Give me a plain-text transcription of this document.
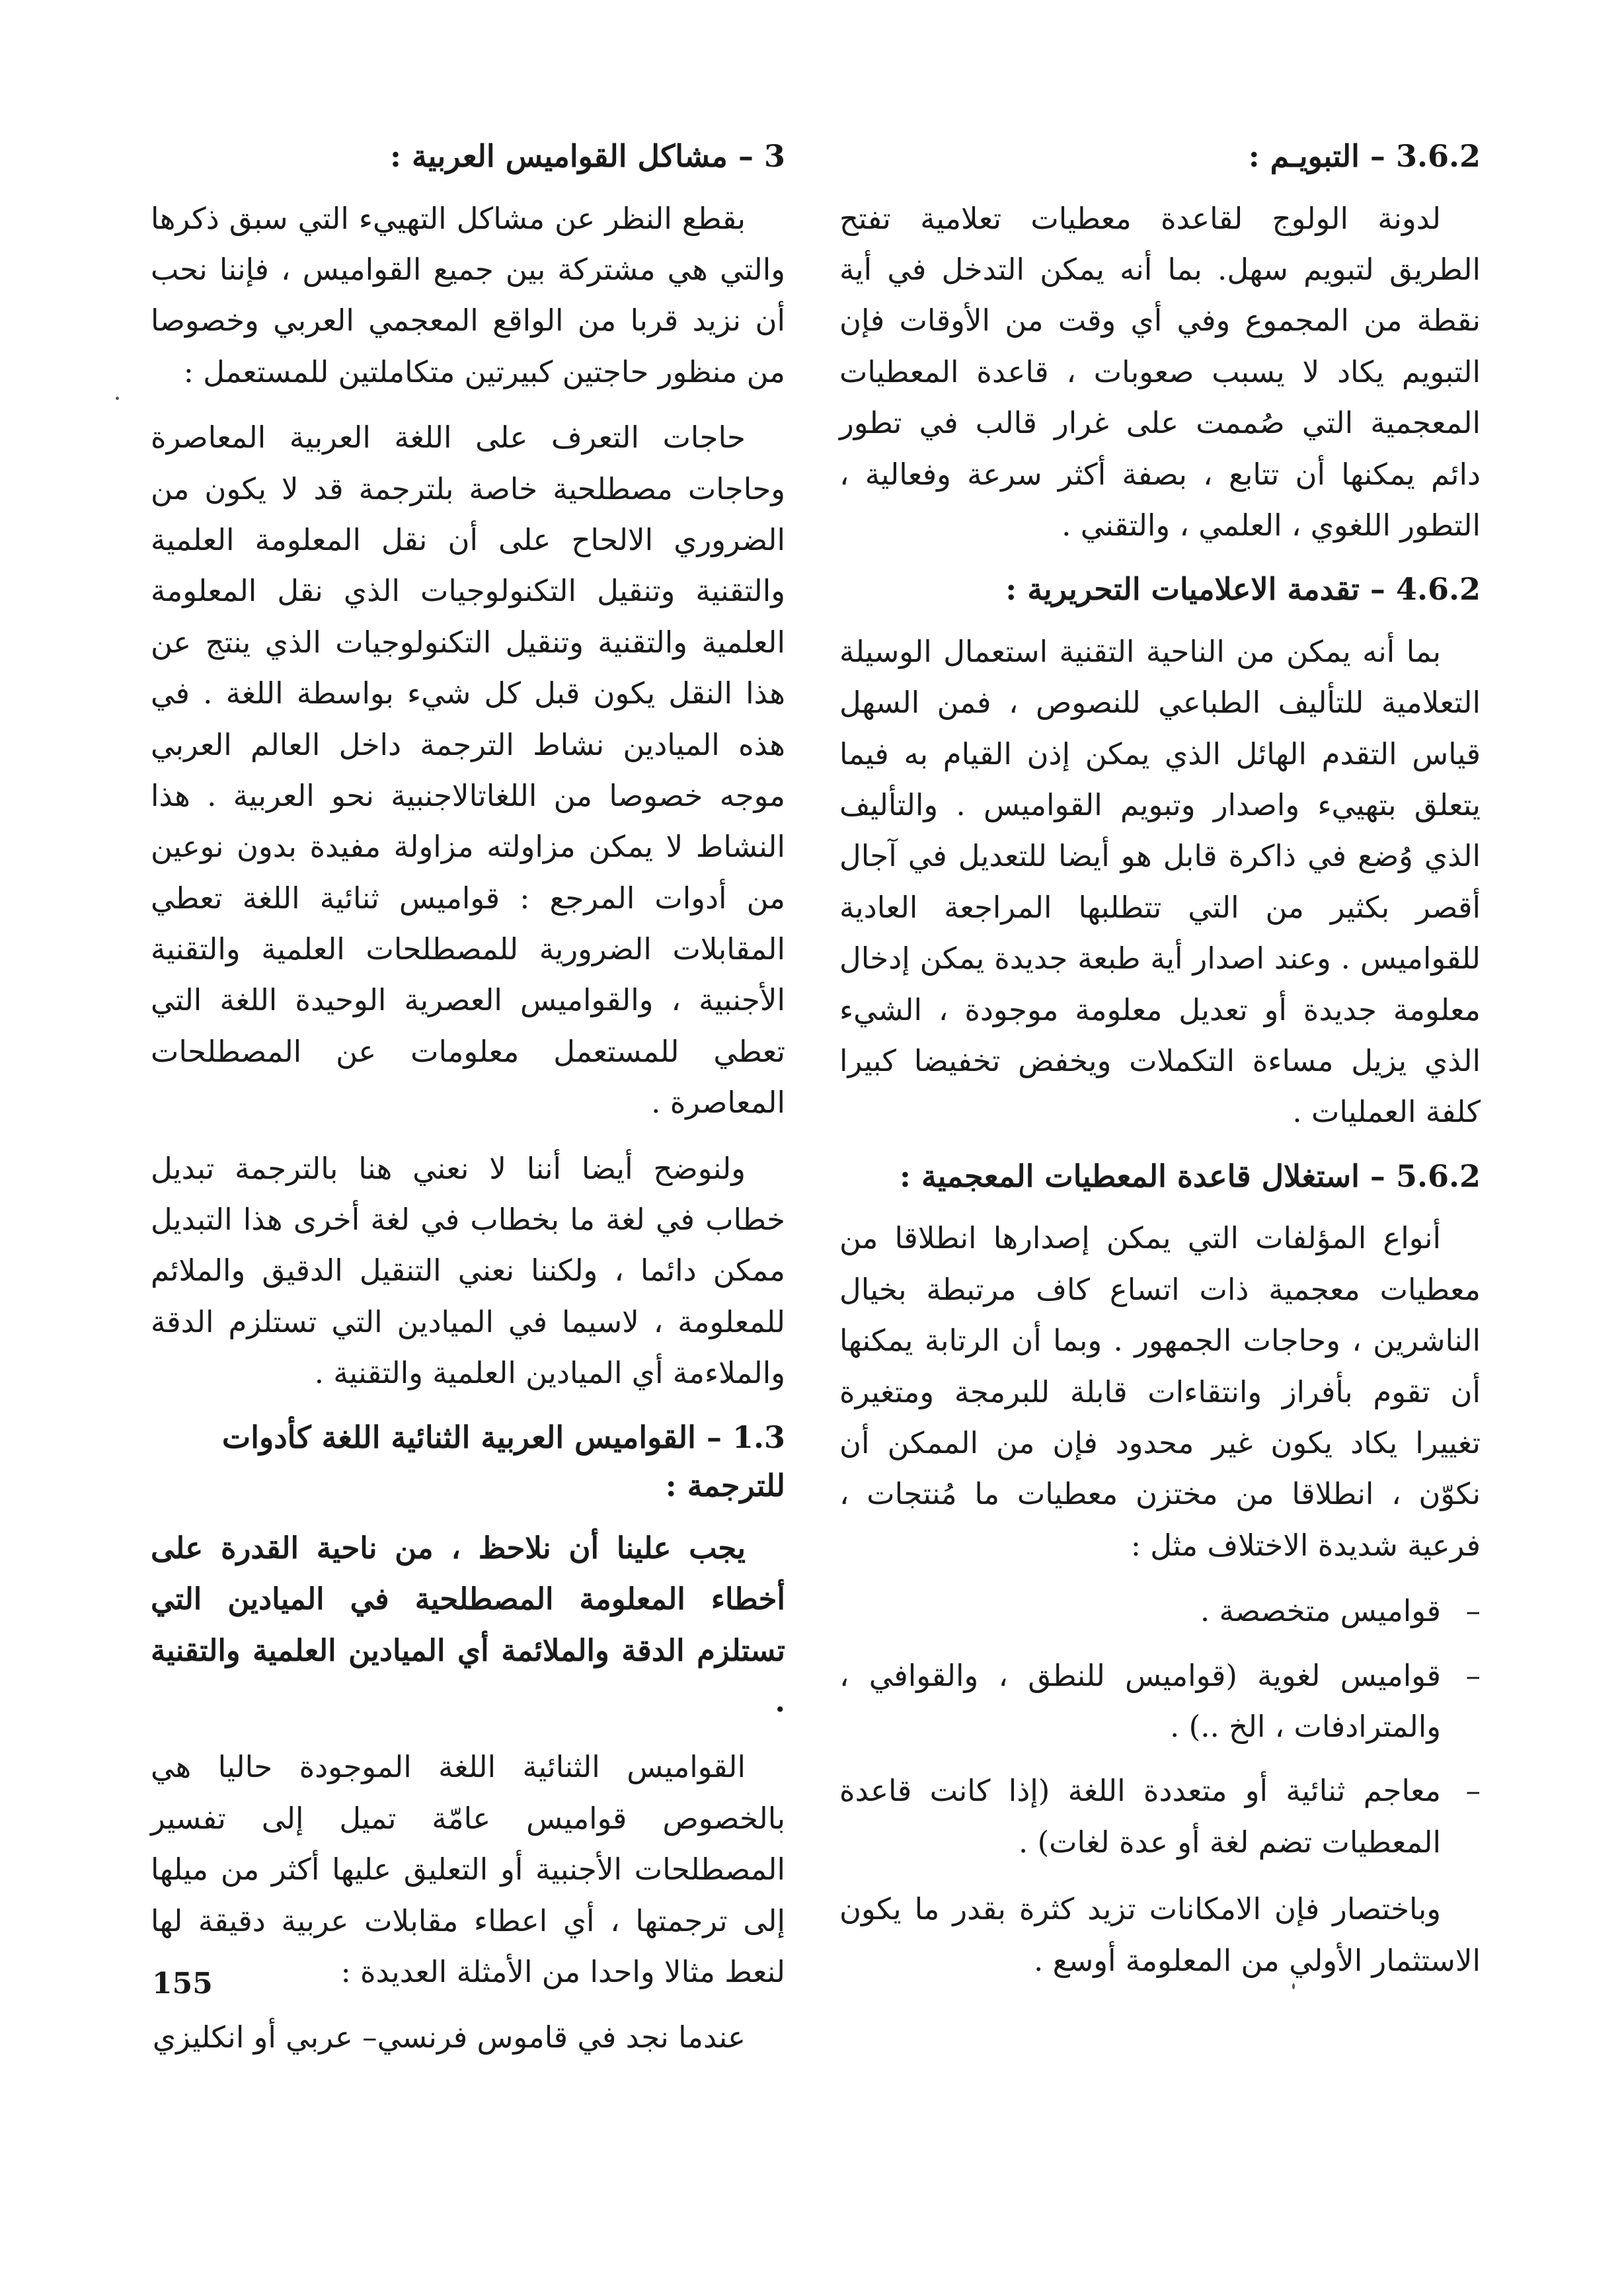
3.6.2 – التبويـم :

لدونة الولوج لقاعدة معطيات تعلامية تفتح الطريق لتبويم سهل. بما أنه يمكن التدخل في أية نقطة من المجموع وفي أي وقت من الأوقات فإن التبويم يكاد لا يسبب صعوبات ، قاعدة المعطيات المعجمية التي صُممت على غرار قالب في تطور دائم يمكنها أن تتابع ، بصفة أكثر سرعة وفعالية ، التطور اللغوي ، العلمي ، والتقني .

4.6.2 – تقدمة الاعلاميات التحريرية :

بما أنه يمكن من الناحية التقنية استعمال الوسيلة التعلامية للتأليف الطباعي للنصوص ، فمن السهل قياس التقدم الهائل الذي يمكن إذن القيام به فيما يتعلق بتهييء واصدار وتبويم القواميس . والتأليف الذي وُضع في ذاكرة قابل هو أيضا للتعديل في آجال أقصر بكثير من التي تتطلبها المراجعة العادية للقواميس . وعند اصدار أية طبعة جديدة يمكن إدخال معلومة جديدة أو تعديل معلومة موجودة ، الشيء الذي يزيل مساءة التكملات ويخفض تخفيضا كبيرا كلفة العمليات .

5.6.2 – استغلال قاعدة المعطيات المعجمية :

أنواع المؤلفات التي يمكن إصدارها انطلاقا من معطيات معجمية ذات اتساع كاف مرتبطة بخيال الناشرين ، وحاجات الجمهور . وبما أن الرتابة يمكنها أن تقوم بأفراز وانتقاءات قابلة للبرمجة ومتغيرة تغييرا يكاد يكون غير محدود فإن من الممكن أن نكوّن ، انطلاقا من مختزن معطيات ما مُنتجات ، فرعية شديدة الاختلاف مثل :

– قواميس متخصصة .
– قواميس لغوية (قواميس للنطق ، والقوافي ، والمترادفات ، الخ ..) .
– معاجم ثنائية أو متعددة اللغة (إذا كانت قاعدة المعطيات تضم لغة أو عدة لغات) .

وباختصار فإن الامكانات تزيد كثرة بقدر ما يكون الاستثمار الأولي من المعلومة أوسع .

3 – مشاكل القواميس العربية :

بقطع النظر عن مشاكل التهييء التي سبق ذكرها والتي هي مشتركة بين جميع القواميس ، فإننا نحب أن نزيد قربا من الواقع المعجمي العربي وخصوصا من منظور حاجتين كبيرتين متكاملتين للمستعمل :

حاجات التعرف على اللغة العربية المعاصرة وحاجات مصطلحية خاصة بلترجمة قد لا يكون من الضروري الالحاح على أن نقل المعلومة العلمية والتقنية وتنقيل التكنولوجيات الذي نقل المعلومة العلمية والتقنية وتنقيل التكنولوجيات الذي ينتج عن هذا النقل يكون قبل كل شيء بواسطة اللغة . في هذه الميادين نشاط الترجمة داخل العالم العربي موجه خصوصا من اللغاتالاجنبية نحو العربية . هذا النشاط لا يمكن مزاولته مزاولة مفيدة بدون نوعين من أدوات المرجع : قواميس ثنائية اللغة تعطي المقابلات الضرورية للمصطلحات العلمية والتقنية الأجنبية ، والقواميس العصرية الوحيدة اللغة التي تعطي للمستعمل معلومات عن المصطلحات المعاصرة .

ولنوضح أيضا أننا لا نعني هنا بالترجمة تبديل خطاب في لغة ما بخطاب في لغة أخرى هذا التبديل ممكن دائما ، ولكننا نعني التنقيل الدقيق والملائم للمعلومة ، لاسيما في الميادين التي تستلزم الدقة والملاءمة أي الميادين العلمية والتقنية .

1.3 – القواميس العربية الثنائية اللغة كأدوات للترجمة :

يجب علينا أن نلاحظ ، من ناحية القدرة على أخطاء المعلومة المصطلحية في الميادين التي تستلزم الدقة والملائمة أي الميادين العلمية والتقنية .

القواميس الثنائية اللغة الموجودة حاليا هي بالخصوص قواميس عامّة تميل إلى تفسير المصطلحات الأجنبية أو التعليق عليها أكثر من ميلها إلى ترجمتها ، أي اعطاء مقابلات عربية دقيقة لها لنعط مثالا واحدا من الأمثلة العديدة :

عندما نجد في قاموس فرنسي– عربي أو انكليزي

155
